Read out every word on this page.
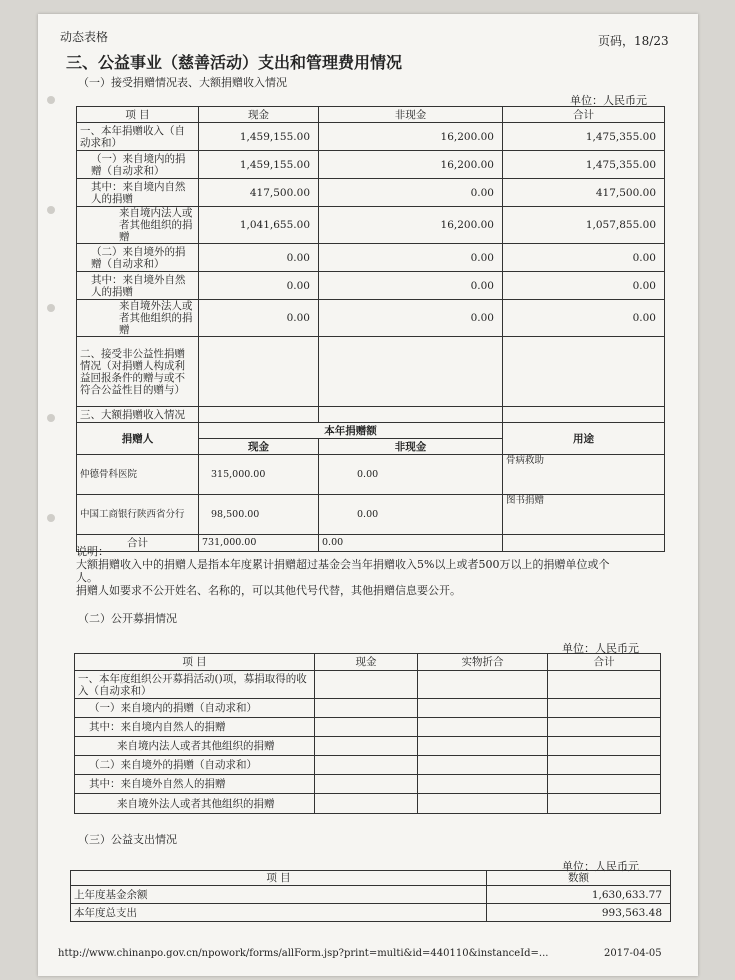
动态表格	页码，18/23
三、公益事业（慈善活动）支出和管理费用情况
（一）接受捐赠情况表、大额捐赠收入情况
单位：人民币元
项 目	现金	非现金	合计
一、本年捐赠收入（自动求和）	1,459,155.00	16,200.00	1,475,355.00
（一）来自境内的捐赠（自动求和）	1,459,155.00	16,200.00	1,475,355.00
其中：来自境内自然人的捐赠	417,500.00	0.00	417,500.00
来自境内法人或者其他组织的捐赠	1,041,655.00	16,200.00	1,057,855.00
（二）来自境外的捐赠（自动求和）	0.00	0.00	0.00
其中：来自境外自然人的捐赠	0.00	0.00	0.00
来自境外法人或者其他组织的捐赠	0.00	0.00	0.00
二、接受非公益性捐赠情况（对捐赠人构成利益回报条件的赠与或不符合公益性目的赠与）			
三、大额捐赠收入情况			
捐赠人	本年捐赠额		用途
	现金	非现金	
仲德骨科医院	315,000.00	0.00	骨病救助
中国工商银行陕西省分行	98,500.00	0.00	图书捐赠
合计	731,000.00	0.00	
说明：
大额捐赠收入中的捐赠人是指本年度累计捐赠超过基金会当年捐赠收入5%以上或者500万以上的捐赠单位或个
人。
捐赠人如要求不公开姓名、名称的，可以其他代号代替，其他捐赠信息要公开。
（二）公开募捐情况
单位：人民币元
项 目	现金	实物折合	合计
一、本年度组织公开募捐活动()项，募捐取得的收入（自动求和）			
（一）来自境内的捐赠（自动求和）			
其中：来自境内自然人的捐赠			
来自境内法人或者其他组织的捐赠			
（二）来自境外的捐赠（自动求和）			
其中：来自境外自然人的捐赠			
来自境外法人或者其他组织的捐赠			
（三）公益支出情况
单位：人民币元
项 目	数额
上年度基金余额	1,630,633.77
本年度总支出	993,563.48
http://www.chinanpo.gov.cn/npowork/forms/allForm.jsp?print=multi&id=440110&instanceId=...	2017-04-05
